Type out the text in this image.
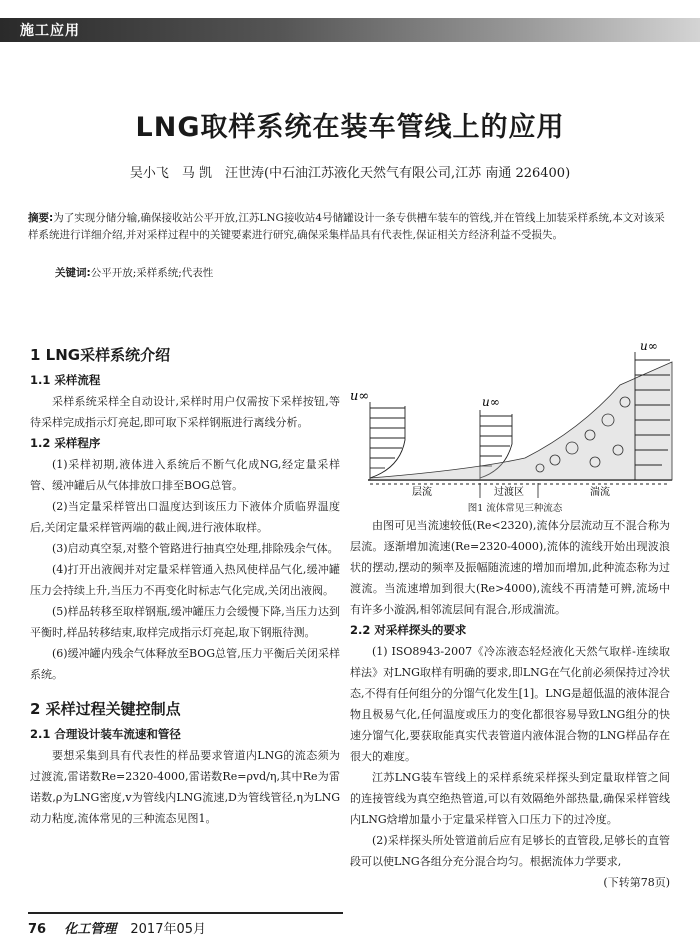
施工应用
LNG取样系统在装车管线上的应用
吴小飞　马 凯　汪世涛(中石油江苏液化天然气有限公司,江苏 南通 226400)
摘要:为了实现分储分输,确保接收站公平开放,江苏LNG接收站4号储罐设计一条专供槽车装车的管线,并在管线上加装采样系统,本文对该采样系统进行详细介绍,并对采样过程中的关键要素进行研究,确保采集样品具有代表性,保证相关方经济利益不受损失。
关键词:公平开放;采样系统;代表性
1 LNG采样系统介绍
1.1 采样流程

采样系统采样全自动设计,采样时用户仅需按下采样按钮,等待采样完成指示灯亮起,即可取下采样钢瓶进行离线分析。

1.2 采样程序

(1)采样初期,液体进入系统后不断气化成NG,经定量采样管、缓冲罐后从气体排放口排至BOG总管。

(2)当定量采样管出口温度达到该压力下液体介质临界温度后,关闭定量采样管两端的截止阀,进行液体取样。

(3)启动真空泵,对整个管路进行抽真空处理,排除残余气体。

(4)打开出液阀并对定量采样管通入热风使样品气化,缓冲罐压力会持续上升,当压力不再变化时标志气化完成,关闭出液阀。

(5)样品转移至取样钢瓶,缓冲罐压力会缓慢下降,当压力达到平衡时,样品转移结束,取样完成指示灯亮起,取下钢瓶待测。

(6)缓冲罐内残余气体释放至BOG总管,压力平衡后关闭采样系统。

2 采样过程关键控制点
2.1 合理设计装车流速和管径

要想采集到具有代表性的样品要求管道内LNG的流态须为过渡流,雷诺数Re=2320-4000,雷诺数Re=ρvd/η,其中Re为雷诺数,ρ为LNG密度,v为管线内LNG流速,D为管线管径,η为LNG动力粘度,流体常见的三种流态见图1。

层流	过渡区	湍流
u∞	u∞
u∞
图1 流体常见三种流态

由图可见当流速较低(Re<2320),流体分层流动互不混合称为层流。逐渐增加流速(Re=2320-4000),流体的流线开始出现波浪状的摆动,摆动的频率及振幅随流速的增加而增加,此种流态称为过渡流。当流速增加到很大(Re>4000),流线不再清楚可辨,流场中有许多小漩涡,相邻流层间有混合,形成湍流。

2.2 对采样探头的要求

(1) ISO8943-2007《冷冻液态轻烃液化天然气取样-连续取样法》对LNG取样有明确的要求,即LNG在气化前必须保持过冷状态,不得有任何组分的分馏气化发生[1]。LNG是超低温的液体混合物且极易气化,任何温度或压力的变化都很容易导致LNG组分的快速分馏气化,要获取能真实代表管道内液体混合物的LNG样品存在很大的难度。

江苏LNG装车管线上的采样系统采样探头到定量取样管之间的连接管线为真空绝热管道,可以有效隔绝外部热量,确保采样管线内LNG焓增加量小于定量采样管入口压力下的过冷度。

(2)采样探头所处管道前后应有足够长的直管段,足够长的直管段可以使LNG各组分充分混合均匀。根据流体力学要求,

(下转第78页)

76 化工管理 2017年05月
